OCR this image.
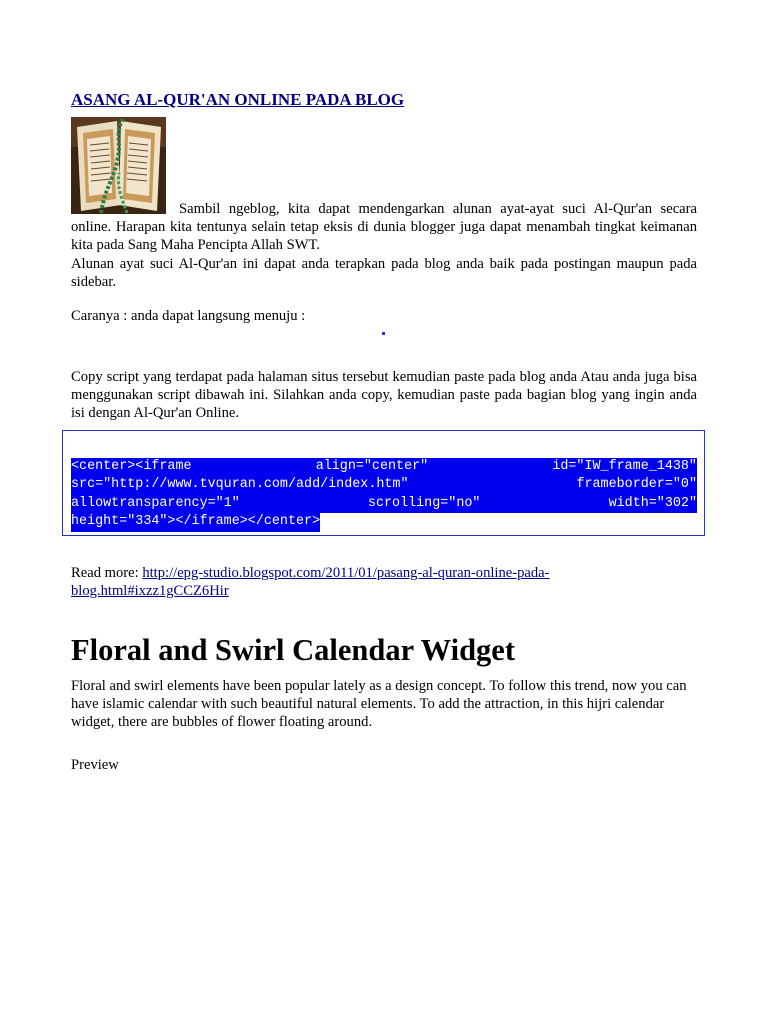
ASANG AL-QUR'AN ONLINE PADA BLOG

Sambil ngeblog, kita dapat mendengarkan alunan ayat-ayat suci Al-Qur'an secara online. Harapan kita tentunya selain tetap eksis di dunia blogger juga dapat menambah tingkat keimanan kita pada Sang Maha Pencipta Allah SWT.
Alunan ayat suci Al-Qur'an ini dapat anda terapkan pada blog anda baik pada postingan maupun pada sidebar.

Caranya : anda dapat langsung menuju :

Copy script yang terdapat pada halaman situs tersebut kemudian paste pada blog anda Atau anda juga bisa menggunakan script dibawah ini. Silahkan anda copy, kemudian paste pada bagian blog yang ingin anda isi dengan Al-Qur'an Online.

<center><iframe	align="center"	id="IW_frame_1438"
src="http://www.tvquran.com/add/index.htm"	frameborder="0"
allowtransparency="1"	scrolling="no"	width="302"
height="334"></iframe></center>

Read more: http://epg-studio.blogspot.com/2011/01/pasang-al-quran-online-pada-
blog.html#ixzz1gCCZ6Hir

Floral and Swirl Calendar Widget

Floral and swirl elements have been popular lately as a design concept. To follow this trend, now you can have islamic calendar with such beautiful natural elements. To add the attraction, in this hijri calendar widget, there are bubbles of flower floating around.

Preview
